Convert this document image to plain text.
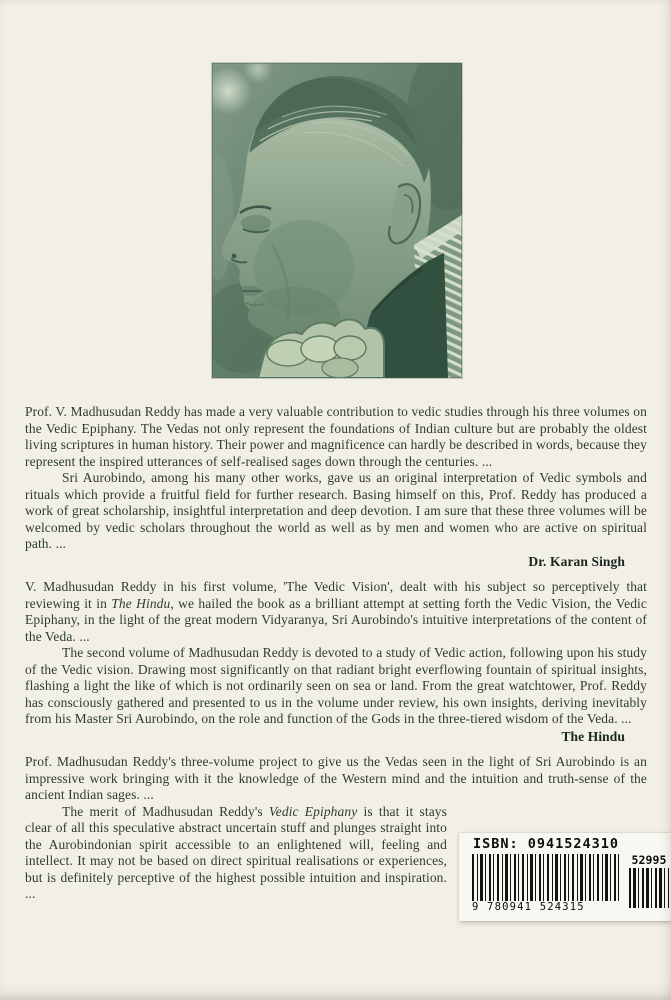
Prof. V. Madhusudan Reddy has made a very valuable contribution to vedic studies through his three volumes on the Vedic Epiphany. The Vedas not only represent the foundations of Indian culture but are probably the oldest living scriptures in human history. Their power and magnificence can hardly be described in words, because they represent the inspired utterances of self-realised sages down through the centuries. ...

Sri Aurobindo, among his many other works, gave us an original interpretation of Vedic symbols and rituals which provide a fruitful field for further research. Basing himself on this, Prof. Reddy has produced a work of great scholarship, insightful interpretation and deep devotion. I am sure that these three volumes will be welcomed by vedic scholars throughout the world as well as by men and women who are active on spiritual path. ...

Dr. Karan Singh

V. Madhusudan Reddy in his first volume, 'The Vedic Vision', dealt with his subject so perceptively that reviewing it in The Hindu, we hailed the book as a brilliant attempt at setting forth the Vedic Vision, the Vedic Epiphany, in the light of the great modern Vidyaranya, Sri Aurobindo's intuitive interpretations of the content of the Veda. ...

The second volume of Madhusudan Reddy is devoted to a study of Vedic action, following upon his study of the Vedic vision. Drawing most significantly on that radiant bright everflowing fountain of spiritual insights, flashing a light the like of which is not ordinarily seen on sea or land. From the great watchtower, Prof. Reddy has consciously gathered and presented to us in the volume under review, his own insights, deriving inevitably from his Master Sri Aurobindo, on the role and function of the Gods in the three-tiered wisdom of the Veda. ...

The Hindu

Prof. Madhusudan Reddy's three-volume project to give us the Vedas seen in the light of Sri Aurobindo is an impressive work bringing with it the knowledge of the Western mind and the intuition and truth-sense of the ancient Indian sages. ...

ISBN: 0941524310
9 780941 524315
52995
The merit of Madhusudan Reddy's Vedic Epiphany is that it stays clear of all this speculative abstract uncertain stuff and plunges straight into the Aurobindonian spirit accessible to an enlightened will, feeling and intellect. It may not be based on direct spiritual realisations or experiences, but is definitely perceptive of the highest possible intuition and inspiration. ...
